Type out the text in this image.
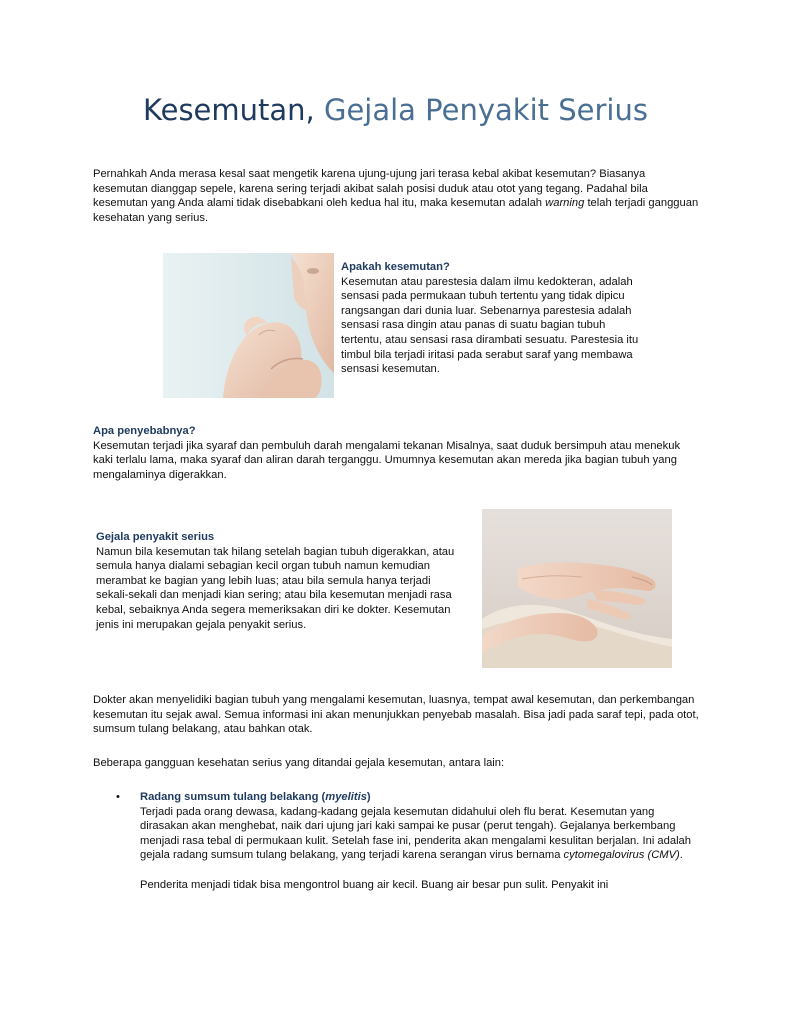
Kesemutan, Gejala Penyakit Serius

Pernahkah Anda merasa kesal saat mengetik karena ujung-ujung jari terasa kebal akibat kesemutan? Biasanya kesemutan dianggap sepele, karena sering terjadi akibat salah posisi duduk atau otot yang tegang. Padahal bila kesemutan yang Anda alami tidak disebabkani oleh kedua hal itu, maka kesemutan adalah warning telah terjadi gangguan kesehatan yang serius.

Apakah kesemutan?
Kesemutan atau parestesia dalam ilmu kedokteran, adalah sensasi pada permukaan tubuh tertentu yang tidak dipicu rangsangan dari dunia luar. Sebenarnya parestesia adalah sensasi rasa dingin atau panas di suatu bagian tubuh tertentu, atau sensasi rasa dirambati sesuatu. Parestesia itu timbul bila terjadi iritasi pada serabut saraf yang membawa sensasi kesemutan.
Apa penyebabnya?
Kesemutan terjadi jika syaraf dan pembuluh darah mengalami tekanan Misalnya, saat duduk bersimpuh atau menekuk kaki terlalu lama, maka syaraf dan aliran darah terganggu. Umumnya kesemutan akan mereda jika bagian tubuh yang mengalaminya digerakkan.
Gejala penyakit serius
Namun bila kesemutan tak hilang setelah bagian tubuh digerakkan, atau semula hanya dialami sebagian kecil organ tubuh namun kemudian merambat ke bagian yang lebih luas; atau bila semula hanya terjadi sekali-sekali dan menjadi kian sering; atau bila kesemutan menjadi rasa kebal, sebaiknya Anda segera memeriksakan diri ke dokter. Kesemutan jenis ini merupakan gejala penyakit serius.

Dokter akan menyelidiki bagian tubuh yang mengalami kesemutan, luasnya, tempat awal kesemutan, dan perkembangan kesemutan itu sejak awal. Semua informasi ini akan menunjukkan penyebab masalah. Bisa jadi pada saraf tepi, pada otot, sumsum tulang belakang, atau bahkan otak.

Beberapa gangguan kesehatan serius yang ditandai gejala kesemutan, antara lain:

• Radang sumsum tulang belakang (myelitis)
Terjadi pada orang dewasa, kadang-kadang gejala kesemutan didahului oleh flu berat. Kesemutan yang dirasakan akan menghebat, naik dari ujung jari kaki sampai ke pusar (perut tengah). Gejalanya berkembang menjadi rasa tebal di permukaan kulit. Setelah fase ini, penderita akan mengalami kesulitan berjalan. Ini adalah gejala radang sumsum tulang belakang, yang terjadi karena serangan virus bernama cytomegalovirus (CMV).
Penderita menjadi tidak bisa mengontrol buang air kecil. Buang air besar pun sulit. Penyakit ini
